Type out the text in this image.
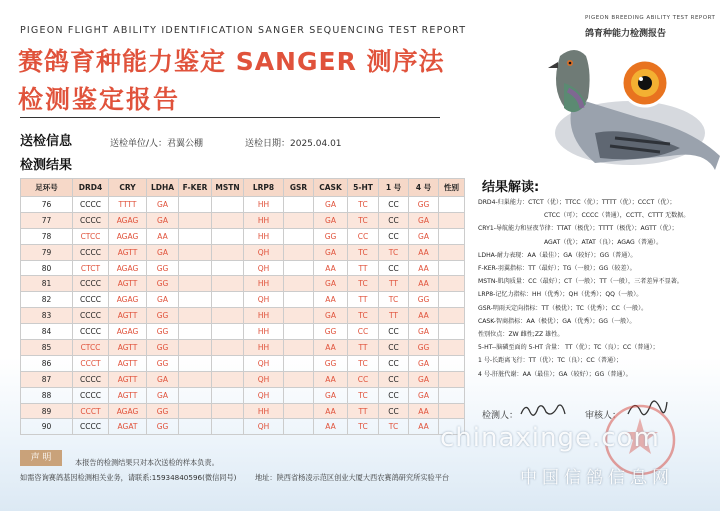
PIGEON FLIGHT ABILITY IDENTIFICATION SANGER SEQUENCING TEST REPORT
赛鸽育种能力鉴定 SANGER 测序法
检测鉴定报告
PIGEON BREEDING ABILITY TEST REPORT
鸽育种能力检测报告
送检信息	送检单位/人：君翼公棚	送检日期：2025.04.01
检测结果
足环号	DRD4	CRY	LDHA	F-KER	MSTN	LRP8	GSR	CASK	5-HT	1 号	4 号	性别
76	CCCC	TTTT	GA			HH		GA	TC	CC	GG	
77	CCCC	AGAG	GA			HH		GA	TC	CC	GA	
78	CTCC	AGAG	AA			HH		GG	CC	CC	GA	
79	CCCC	AGTT	GA			QH		GA	TC	TC	AA	
80	CTCT	AGAG	GG			QH		AA	TT	CC	AA	
81	CCCC	AGTT	GG			HH		GA	TC	TT	AA	
82	CCCC	AGAG	GA			QH		AA	TT	TC	GG	
83	CCCC	AGTT	GG			HH		GA	TC	TT	AA	
84	CCCC	AGAG	GG			HH		GG	CC	CC	GA	
85	CTCC	AGTT	GG			HH		AA	TT	CC	GG	
86	CCCT	AGTT	GG			QH		GG	TC	CC	GA	
87	CCCC	AGTT	GA			QH		AA	CC	CC	GA	
88	CCCC	AGTT	GA			QH		GA	TC	CC	GA	
89	CCCT	AGAG	GG			HH		AA	TT	CC	AA	
90	CCCC	AGAT	GG			QH		AA	TC	TC	AA	
结果解读:
DRD4-归巢能力：CTCT（优）；TTCC（优）；TTTT（优）；CCCT（优）；
CTCC（可）；CCCC（普通），CCTT、CTTT 无数据。
CRY1-导航能力和昼夜节律：TTAT（极优）；TTTT（极优）；AGTT（优）；
AGAT（优）；ATAT（良）；AGAG（普通）。
LDHA-耐力表现：AA（最佳）；GA（较好）；GG（普通）。
F-KER-羽翼指标：TT（最好）；TG（一般）；GG（较差）。
MSTN-肌肉质量：CC（最好）；CT（一般）；TT（一般），三者差异不显著。
LRP8-记忆力指标：HH（优秀）；QH（优秀）；QQ（一般）。
GSR-明雨天定向指标：TT（极优）；TC（优秀）；CC（一般）。
CASK-智商指标：AA（极优）；GA（优秀）；GG（一般）。
性别位点：ZW 雌性;ZZ 雄性。
5-HT--脑磷至面的 5-HT 含量： TT（优）；TC（良）；CC（普通）；
1 号-长距离飞行：TT（优）；TC（良）；CC（普通）；
4 号-肝脏代谢：AA（最佳）；GA（较好）；GG（普通）。
检测人：	审核人：
声 明	本报告的检测结果只对本次送检的样本负责。
如需咨询赛鸽基因检测相关业务，请联系:15934840596(微信同号)	地址：陕西省杨凌示范区创业大厦大西农赛鸽研究所实验平台
chinaxinge.com
中国信鸽信息网
